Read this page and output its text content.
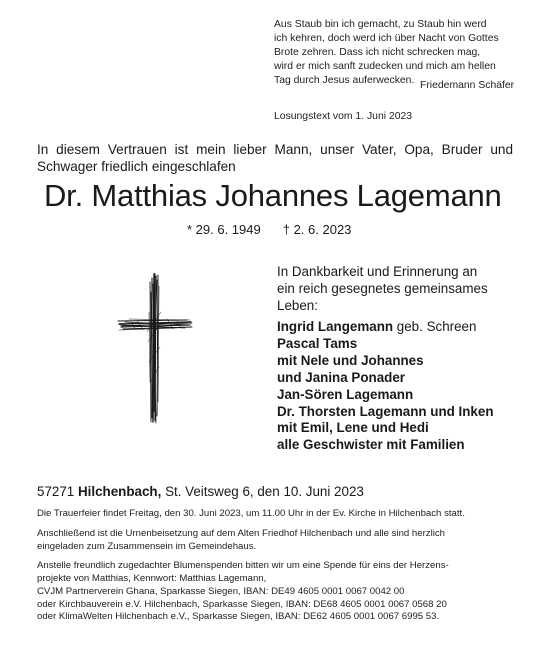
Aus Staub bin ich gemacht, zu Staub hin werd
ich kehren, doch werd ich über Nacht von Gottes
Brote zehren. Dass ich nicht schrecken mag,
wird er mich sanft zudecken und mich am hellen
Tag durch Jesus auferwecken. Friedemann Schäfer
Losungstext vom 1. Juni 2023
In diesem Vertrauen ist mein lieber Mann, unser Vater, Opa, Bruder und
Schwager friedlich eingeschlafen
Dr. Matthias Johannes Lagemann
* 29. 6. 1949 † 2. 6. 2023
In Dankbarkeit und Erinnerung an
ein reich gesegnetes gemeinsames
Leben:
Ingrid Langemann geb. Schreen
Pascal Tams
mit Nele und Johannes
und Janina Ponader
Jan-Sören Lagemann
Dr. Thorsten Lagemann und Inken
mit Emil, Lene und Hedi
alle Geschwister mit Familien
57271 Hilchenbach, St. Veitsweg 6, den 10. Juni 2023
Die Trauerfeier findet Freitag, den 30. Juni 2023, um 11.00 Uhr in der Ev. Kirche in Hilchenbach statt.
Anschließend ist die Urnenbeisetzung auf dem Alten Friedhof Hilchenbach und alle sind herzlich
eingeladen zum Zusammensein im Gemeindehaus.
Anstelle freundlich zugedachter Blumenspenden bitten wir um eine Spende für eins der Herzens-
projekte von Matthias, Kennwort: Matthias Lagemann,
CVJM Partnerverein Ghana, Sparkasse Siegen, IBAN: DE49 4605 0001 0067 0042 00
oder Kirchbauverein e.V. Hilchenbach, Sparkasse Siegen, IBAN: DE68 4605 0001 0067 0568 20
oder KlimaWelten Hilchenbach e.V., Sparkasse Siegen, IBAN: DE62 4605 0001 0067 6995 53.
